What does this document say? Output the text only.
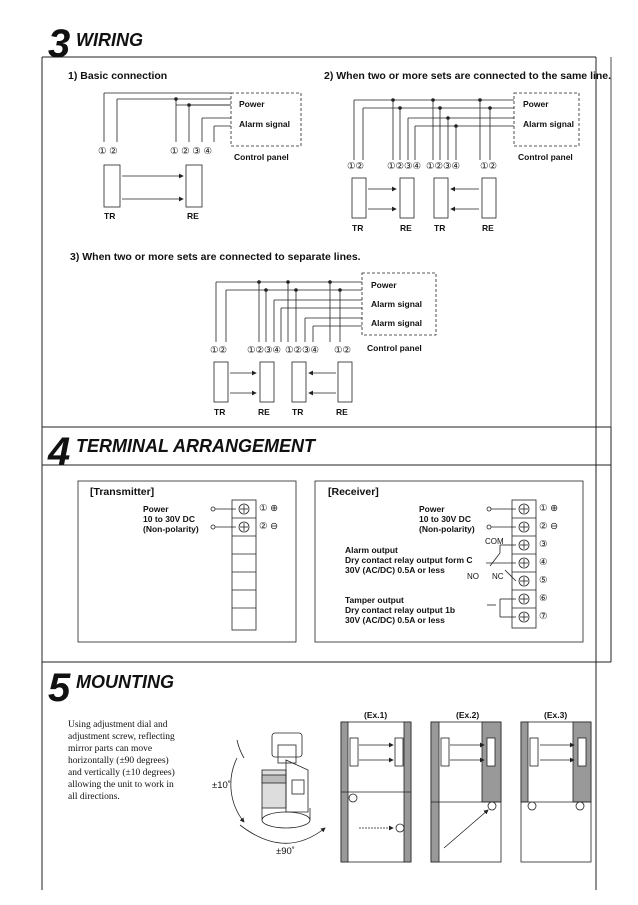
3 WIRING
4 TERMINAL ARRANGEMENT
5 MOUNTING
1) Basic connection
Power
Alarm signal
Control panel
① ②	① ② ③ ④
TR	RE
2) When two or more sets are connected to the same line.
Power
Alarm signal
Control panel
①② ①②③④ ①②③④ ①②
TR	RE	TR	RE
3) When two or more sets are connected to separate lines.
Power
Alarm signal
Alarm signal
Control panel
①② ①②③④ ①②③④ ①②
TR	RE	TR	RE
[Transmitter]
Power
10 to 30V DC
(Non-polarity)
① ⊕
② ⊖
[Receiver]
Power
10 to 30V DC
(Non-polarity)
Alarm output
Dry contact relay output form C
30V (AC/DC) 0.5A or less
Tamper output
Dry contact relay output 1b
30V (AC/DC) 0.5A or less
COM
NO NC
① ⊕
② ⊖
③
④
⑤
⑥
⑦
Using adjustment dial and
adjustment screw, reflecting
mirror parts can move
horizontally (±90 degrees)
and vertically (±10 degrees)
allowing the unit to work in
all directions.
±10˚
±90˚
(Ex.1)	(Ex.2)	(Ex.3)
